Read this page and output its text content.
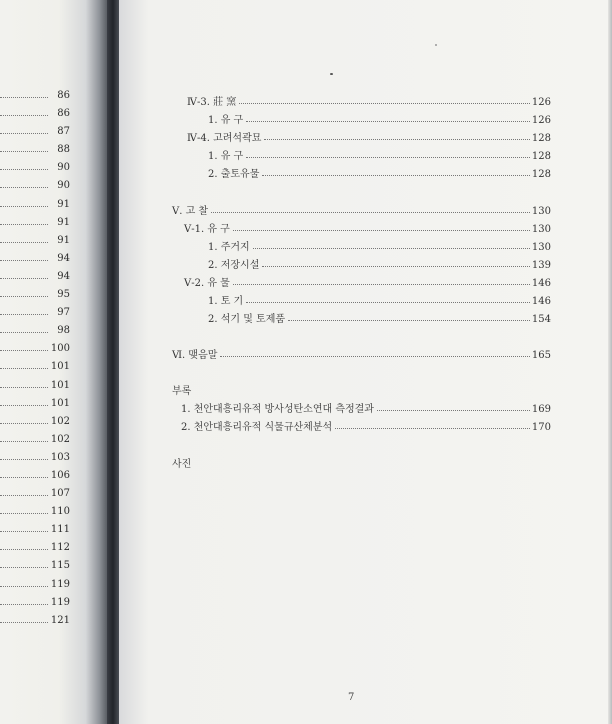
86
86
87
88
90
90
91
91
91
94
94
95
97
98
100
101
101
101
102
102
103
106
107
110
111
112
115
119
119
121
Ⅳ-3. 莊 窯	126
1. 유 구	126
Ⅳ-4. 고려석곽묘	128
1. 유 구	128
2. 출토유물	128
Ⅴ. 고 찰	130
Ⅴ-1. 유 구	130
1. 주거지	130
2. 저장시설	139
Ⅴ-2. 유 물	146
1. 토 기	146
2. 석기 및 토제품	154
Ⅵ. 맺음말	165
부록
1. 천안대흥리유적 방사성탄소연대 측정결과	169
2. 천안대흥리유적 식물규산체분석	170
사진
7
